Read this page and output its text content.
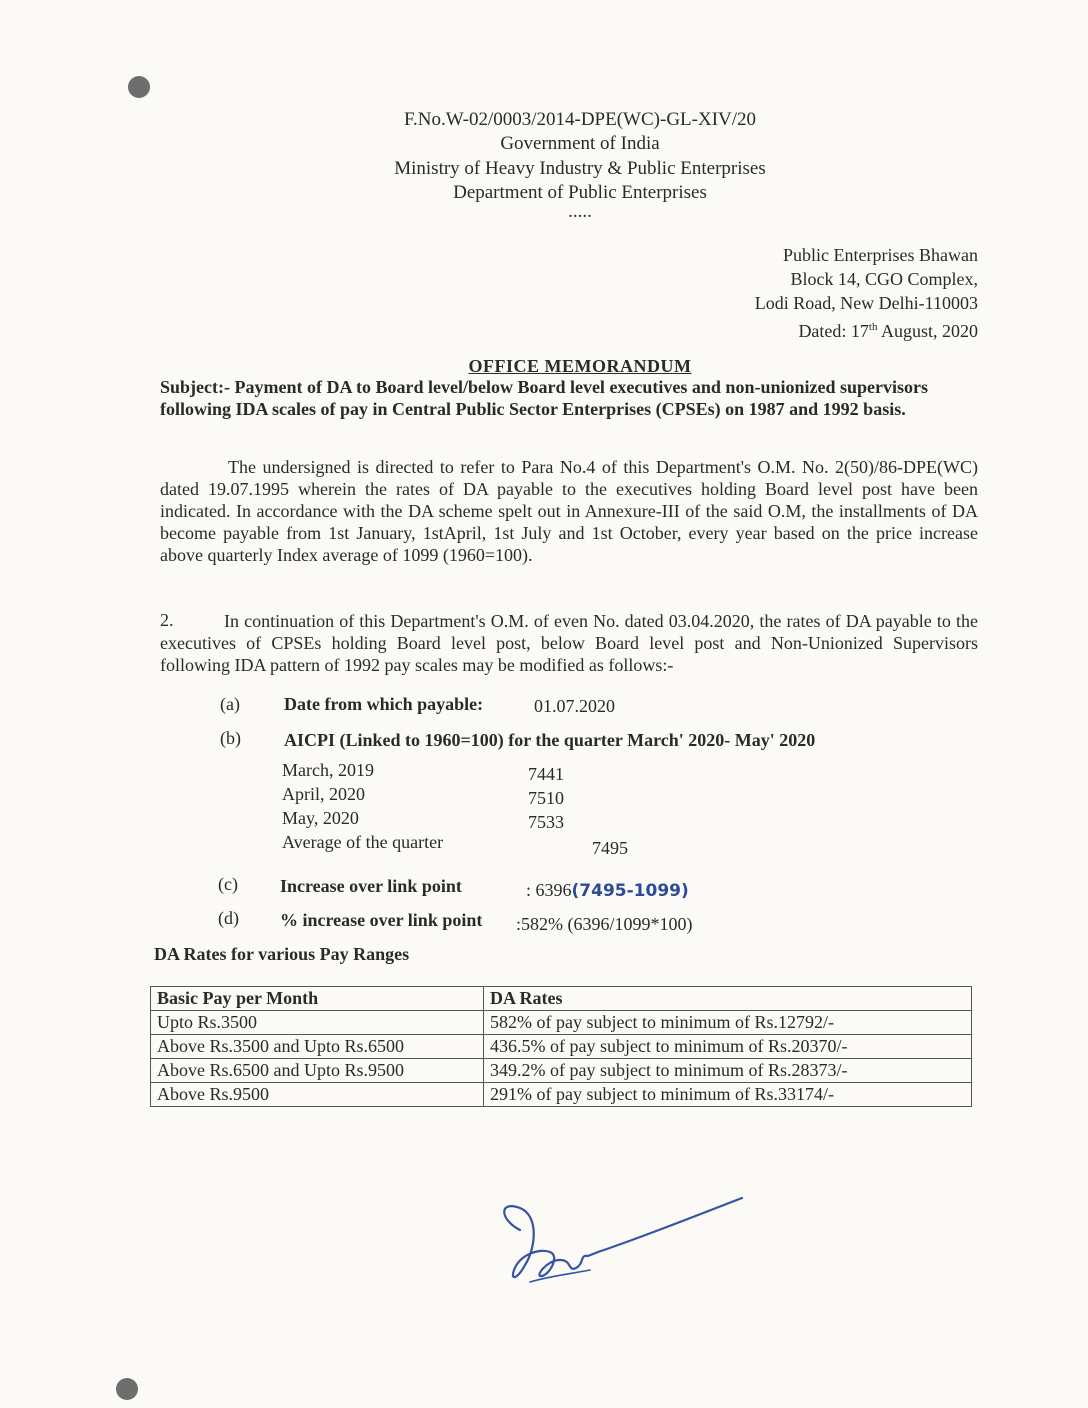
F.No.W-02/0003/2014-DPE(WC)-GL-XIV/20
Government of India
Ministry of Heavy Industry & Public Enterprises
Department of Public Enterprises
.....
Public Enterprises Bhawan
Block 14, CGO Complex,
Lodi Road, New Delhi-110003
Dated: 17th August, 2020
OFFICE MEMORANDUM
Subject:- Payment of DA to Board level/below Board level executives and non-unionized supervisors following IDA scales of pay in Central Public Sector Enterprises (CPSEs) on 1987 and 1992 basis.
The undersigned is directed to refer to Para No.4 of this Department's O.M. No. 2(50)/86-DPE(WC) dated 19.07.1995 wherein the rates of DA payable to the executives holding Board level post have been indicated. In accordance with the DA scheme spelt out in Annexure-III of the said O.M, the installments of DA become payable from 1st January, 1stApril, 1st July and 1st October, every year based on the price increase above quarterly Index average of 1099 (1960=100).
2.	In continuation of this Department's O.M. of even No. dated 03.04.2020, the rates of DA payable to the executives of CPSEs holding Board level post, below Board level post and Non-Unionized Supervisors following IDA pattern of 1992 pay scales may be modified as follows:-
(a) Date from which payable:	01.07.2020
(b) AICPI (Linked to 1960=100) for the quarter March' 2020- May' 2020
March, 2019	7441
April, 2020	7510
May, 2020	7533
Average of the quarter	7495
(c) Increase over link point	: 6396(7495-1099)
(d) % increase over link point :582% (6396/1099*100)
DA Rates for various Pay Ranges
Basic Pay per Month	DA Rates
Upto Rs.3500	582% of pay subject to minimum of Rs.12792/-
Above Rs.3500 and Upto Rs.6500	436.5% of pay subject to minimum of Rs.20370/-
Above Rs.6500 and Upto Rs.9500	349.2% of pay subject to minimum of Rs.28373/-
Above Rs.9500	291% of pay subject to minimum of Rs.33174/-
